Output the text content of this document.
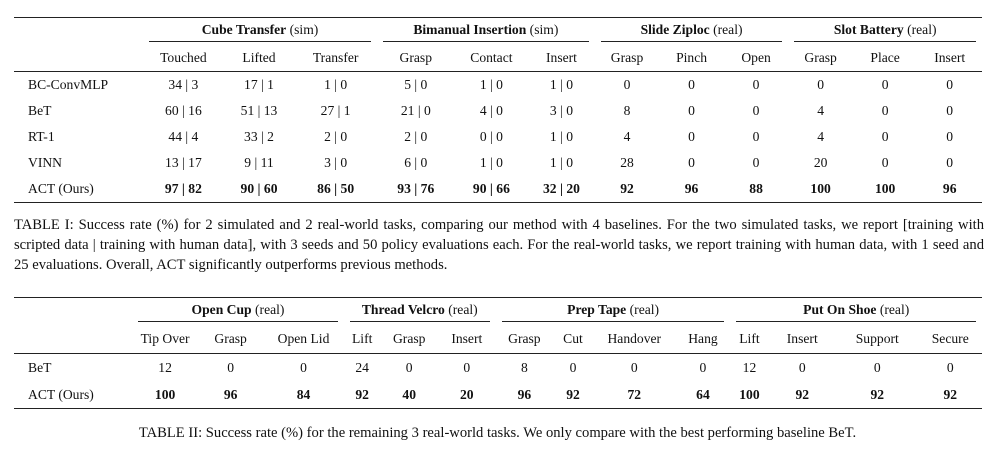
	Cube Transfer (sim)			Bimanual Insertion (sim)			Slide Ziploc (real)			Slot Battery (real)		

	Touched	Lifted	Transfer	Grasp	Contact	Insert	Grasp	Pinch	Open	Grasp	Place	Insert
BC-ConvMLP	34 | 3	17 | 1	1 | 0	5 | 0	1 | 0	1 | 0	0	0	0	0	0	0
BeT	60 | 16	51 | 13	27 | 1	21 | 0	4 | 0	3 | 0	8	0	0	4	0	0
RT-1	44 | 4	33 | 2	2 | 0	2 | 0	0 | 0	1 | 0	4	0	0	4	0	0
VINN	13 | 17	9 | 11	3 | 0	6 | 0	1 | 0	1 | 0	28	0	0	20	0	0
ACT (Ours)	97 | 82	90 | 60	86 | 50	93 | 76	90 | 66	32 | 20	92	96	88	100	100	96
TABLE I: Success rate (%) for 2 simulated and 2 real-world tasks, comparing our method with 4 baselines. For the two simulated tasks, we report [training with scripted data | training with human data], with 3 seeds and 50 policy evaluations each. For the real-world tasks, we report training with human data, with 1 seed and 25 evaluations. Overall, ACT significantly outperforms previous methods.

	Open Cup (real)			Thread Velcro (real)			Prep Tape (real)				Put On Shoe (real)			

	Tip Over	Grasp	Open Lid	Lift	Grasp	Insert	Grasp	Cut	Handover	Hang	Lift	Insert	Support	Secure
BeT	12	0	0	24	0	0	8	0	0	0	12	0	0	0
ACT (Ours)	100	96	84	92	40	20	96	92	72	64	100	92	92	92
TABLE II: Success rate (%) for the remaining 3 real-world tasks. We only compare with the best performing baseline BeT.
